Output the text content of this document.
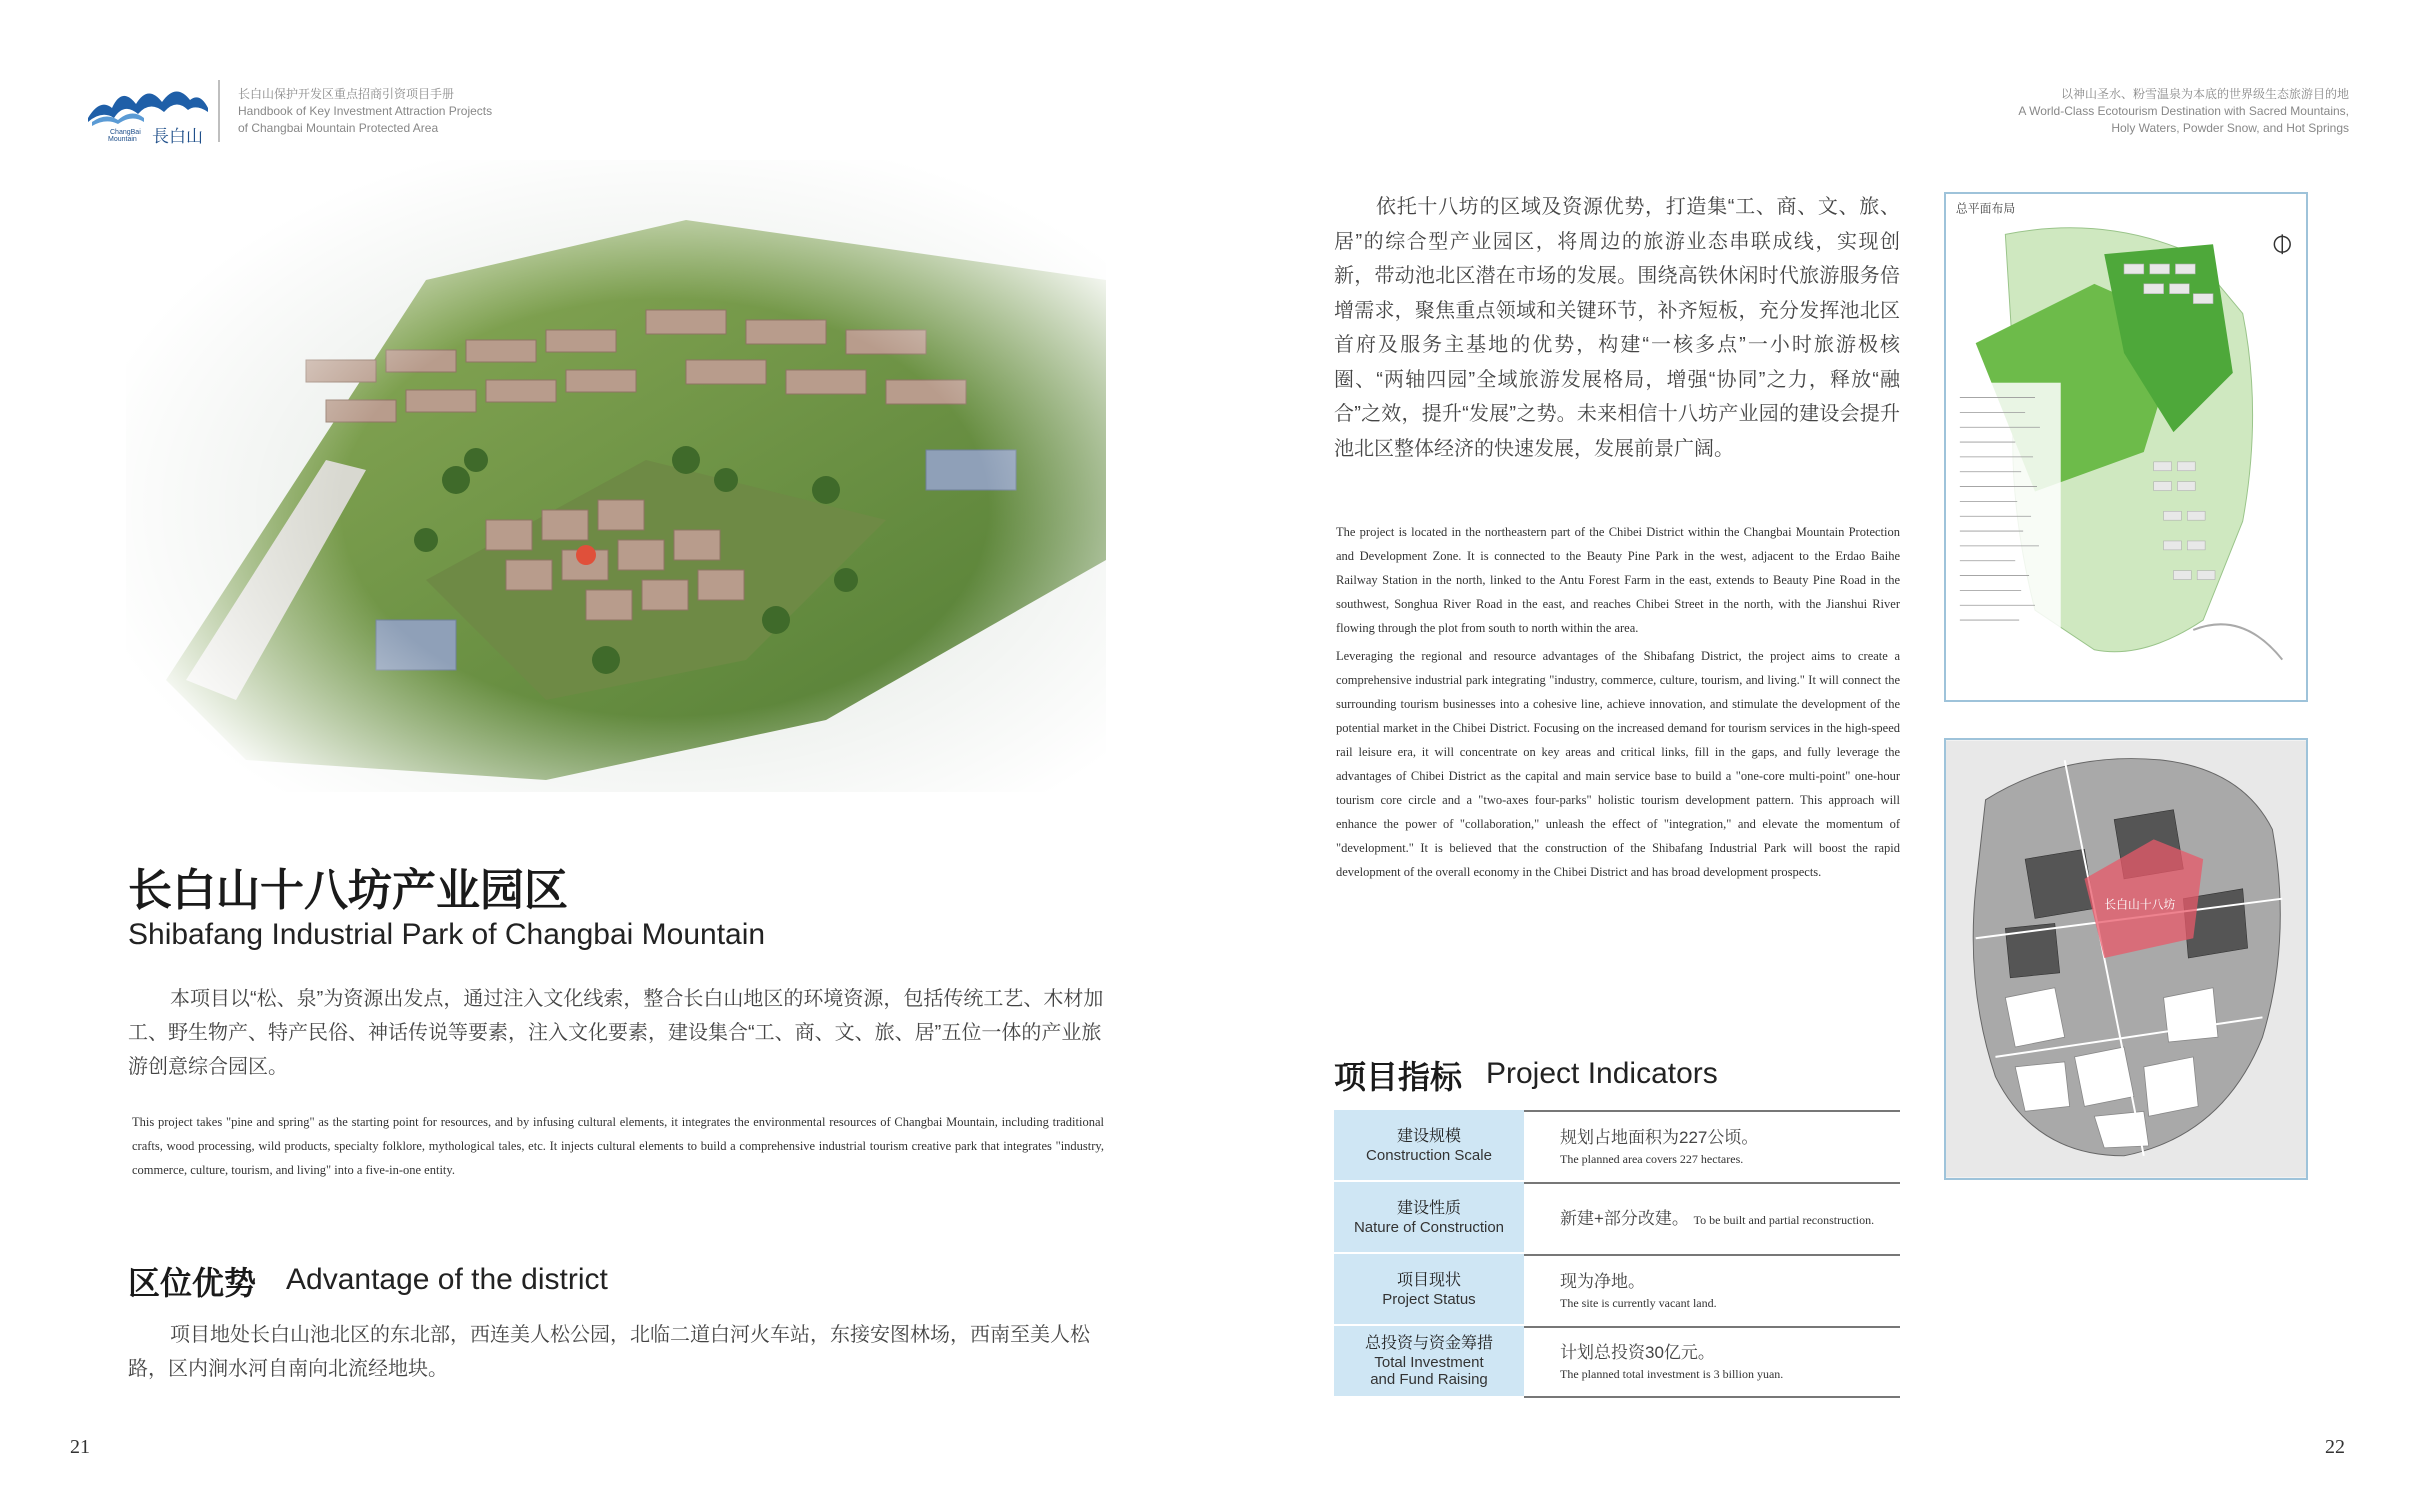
ChangBai
Mountain 長白山
长白山保护开发区重点招商引资项目手册
Handbook of Key Investment Attraction Projects
of Changbai Mountain Protected Area
以神山圣水、粉雪温泉为本底的世界级生态旅游目的地
A World-Class Ecotourism Destination with Sacred Mountains,
Holy Waters, Powder Snow, and Hot Springs
长白山十八坊产业园区
Shibafang Industrial Park of Changbai Mountain
本项目以“松、泉”为资源出发点，通过注入文化线索，整合长白山地区的环境资源，包括传统工艺、木材加工、野生物产、特产民俗、神话传说等要素，注入文化要素，建设集合“工、商、文、旅、居”五位一体的产业旅游创意综合园区。
This project takes "pine and spring" as the starting point for resources, and by infusing cultural elements, it integrates the environmental resources of Changbai Mountain, including traditional crafts, wood processing, wild products, specialty folklore, mythological tales, etc. It injects cultural elements to build a comprehensive industrial tourism creative park that integrates "industry, commerce, culture, tourism, and living" into a five-in-one entity.
区位优势 Advantage of the district
项目地处长白山池北区的东北部，西连美人松公园，北临二道白河火车站，东接安图林场，西南至美人松路，区内涧水河自南向北流经地块。
依托十八坊的区域及资源优势，打造集“工、商、文、旅、居”的综合型产业园区，将周边的旅游业态串联成线，实现创新，带动池北区潜在市场的发展。围绕高铁休闲时代旅游服务倍增需求，聚焦重点领域和关键环节，补齐短板，充分发挥池北区首府及服务主基地的优势，构建“一核多点”一小时旅游极核圈、“两轴四园”全域旅游发展格局，增强“协同”之力，释放“融合”之效，提升“发展”之势。未来相信十八坊产业园的建设会提升池北区整体经济的快速发展，发展前景广阔。

The project is located in the northeastern part of the Chibei District within the Changbai Mountain Protection and Development Zone. It is connected to the Beauty Pine Park in the west, adjacent to the Erdao Baihe Railway Station in the north, linked to the Antu Forest Farm in the east, extends to Beauty Pine Road in the southwest, Songhua River Road in the east, and reaches Chibei Street in the north, with the Jianshui River flowing through the plot from south to north within the area.

Leveraging the regional and resource advantages of the Shibafang District, the project aims to create a comprehensive industrial park integrating "industry, commerce, culture, tourism, and living." It will connect the surrounding tourism businesses into a cohesive line, achieve innovation, and stimulate the development of the potential market in the Chibei District. Focusing on the increased demand for tourism services in the high-speed rail leisure era, it will concentrate on key areas and critical links, fill in the gaps, and fully leverage the advantages of Chibei District as the capital and main service base to build a "one-core multi-point" one-hour tourism core circle and a "two-axes four-parks" holistic tourism development pattern. This approach will enhance the power of "collaboration," unleash the effect of "integration," and elevate the momentum of "development." It is believed that the construction of the Shibafang Industrial Park will boost the rapid development of the overall economy in the Chibei District and has broad development prospects.

项目指标 Project Indicators
建设规模
Construction Scale
规划占地面积为227公顷。
The planned area covers 227 hectares.
建设性质
Nature of Construction	新建+部分改建。 To be built and partial reconstruction.
项目现状
Project Status
现为净地。
The site is currently vacant land.
总投资与资金筹措
Total Investment
and Fund Raising
计划总投资30亿元。
The planned total investment is 3 billion yuan.
总平面布局
长白山十八坊
21	22
